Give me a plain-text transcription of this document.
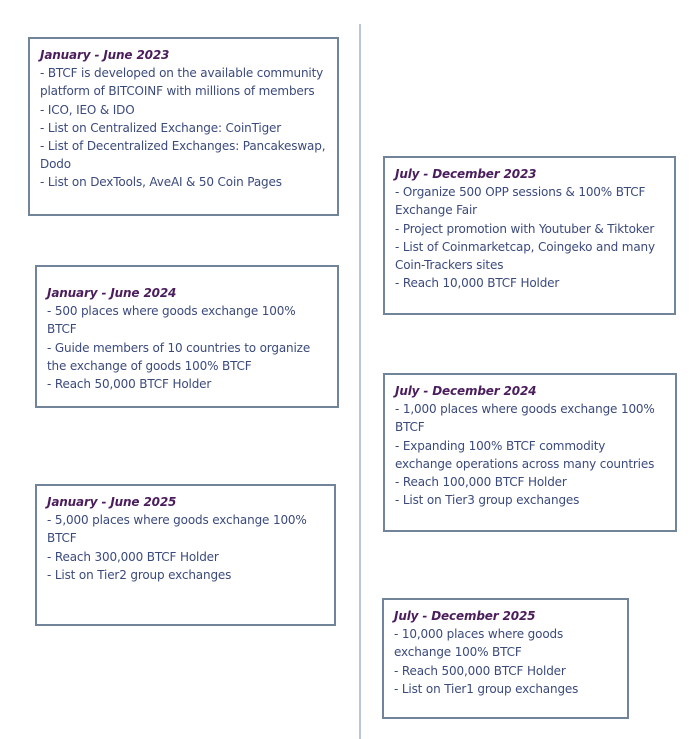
January - June 2023
- BTCF is developed on the available community platform of BITCOINF with millions of members
- ICO, IEO & IDO
- List on Centralized Exchange: CoinTiger
- List of Decentralized Exchanges: Pancakeswap, Dodo
- List on DexTools, AveAI & 50 Coin Pages
July - December 2023
- Organize 500 OPP sessions & 100% BTCF Exchange Fair
- Project promotion with Youtuber & Tiktoker
- List of Coinmarketcap, Coingeko and many Coin-Trackers sites
- Reach 10,000 BTCF Holder
January - June 2024
- 500 places where goods exchange 100% BTCF
- Guide members of 10 countries to organize the exchange of goods 100% BTCF
- Reach 50,000 BTCF Holder	July - December 2024
- 1,000 places where goods exchange 100% BTCF
- Expanding 100% BTCF commodity exchange operations across many countries
- Reach 100,000 BTCF Holder
- List on Tier3 group exchanges
January - June 2025
- 5,000 places where goods exchange 100% BTCF
- Reach 300,000 BTCF Holder
- List on Tier2 group exchanges
July - December 2025
- 10,000 places where goods exchange 100% BTCF
- Reach 500,000 BTCF Holder
- List on Tier1 group exchanges
